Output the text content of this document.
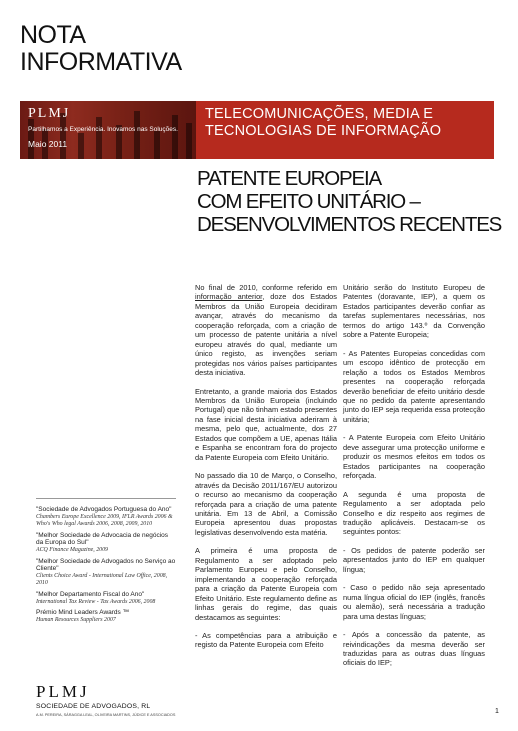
NOTA
INFORMATIVA
PLMJ
Partilhamos a Experiência. Inovamos nas Soluções.
Maio 2011
TELECOMUNICAÇÕES, MEDIA E TECNOLOGIAS DE INFORMAÇÃO
PATENTE EUROPEIA
COM EFEITO UNITÁRIO –
DESENVOLVIMENTOS RECENTES

No final de 2010, conforme referido em informação anterior, doze dos Estados Membros da União Europeia decidiram avançar, através do mecanismo da cooperação reforçada, com a criação de um processo de patente unitária a nível europeu através do qual, mediante um único registo, as invenções seriam protegidas nos vários países participantes desta iniciativa.

Entretanto, a grande maioria dos Estados Membros da União Europeia (incluindo Portugal) que não tinham estado presentes na fase inicial desta iniciativa aderiram à mesma, pelo que, actualmente, dos 27 Estados que compõem a UE, apenas Itália e Espanha se encontram fora do projecto da Patente Europeia com Efeito Unitário.

No passado dia 10 de Março, o Conselho, através da Decisão 2011/167/EU autorizou o recurso ao mecanismo da cooperação reforçada para a criação de uma patente unitária. Em 13 de Abril, a Comissão Europeia apresentou duas propostas legislativas desenvolvendo esta matéria.

A primeira é uma proposta de Regulamento a ser adoptado pelo Parlamento Europeu e pelo Conselho, implementando a cooperação reforçada para a criação da Patente Europeia com Efeito Unitário. Este regulamento define as linhas gerais do regime, das quais destacamos as seguintes:

- As competências para a atribuição e registo da Patente Europeia com Efeito

Unitário serão do Instituto Europeu de Patentes (doravante, IEP), a quem os Estados participantes deverão confiar as tarefas suplementares necessárias, nos termos do artigo 143.º da Convenção sobre a Patente Europeia;

- As Patentes Europeias concedidas com um escopo idêntico de protecção em relação a todos os Estados Membros presentes na cooperação reforçada deverão beneficiar de efeito unitário desde que no pedido da patente apresentando junto do IEP seja requerida essa protecção unitária;

- A Patente Europeia com Efeito Unitário deve assegurar uma protecção uniforme e produzir os mesmos efeitos em todos os Estados participantes na cooperação reforçada.

A segunda é uma proposta de Regulamento a ser adoptada pelo Conselho e diz respeito aos regimes de tradução aplicáveis. Destacam-se os seguintes pontos:

- Os pedidos de patente poderão ser apresentados junto do IEP em qualquer língua;

- Caso o pedido não seja apresentado numa língua oficial do IEP (inglês, francês ou alemão), será necessária a tradução para uma destas línguas;

- Após a concessão da patente, as reivindicações da mesma deverão ser traduzidas para as outras duas línguas oficiais do IEP;

"Sociedade de Advogados Portuguesa do Ano"
Chambers Europe Excellence 2009, IFLR Awards 2006 & Who's Who legal Awards 2006, 2008, 2009, 2010
"Melhor Sociedade de Advocacia de negócios da Europa do Sul"
ACQ Finance Magazine, 2009
"Melhor Sociedade de Advogados no Serviço ao Cliente"
Clients Choice Award - International Law Office, 2008, 2010
"Melhor Departamento Fiscal do Ano"
International Tax Review - Tax Awards 2006, 2008
Prémio Mind Leaders Awards ™
Human Resources Suppliers 2007
PLMJ
SOCIEDADE DE ADVOGADOS, RL
A.M. PEREIRA, SÁRAGGA LEAL, OLIVEIRA MARTINS, JÚDICE E ASSOCIADOS	1
